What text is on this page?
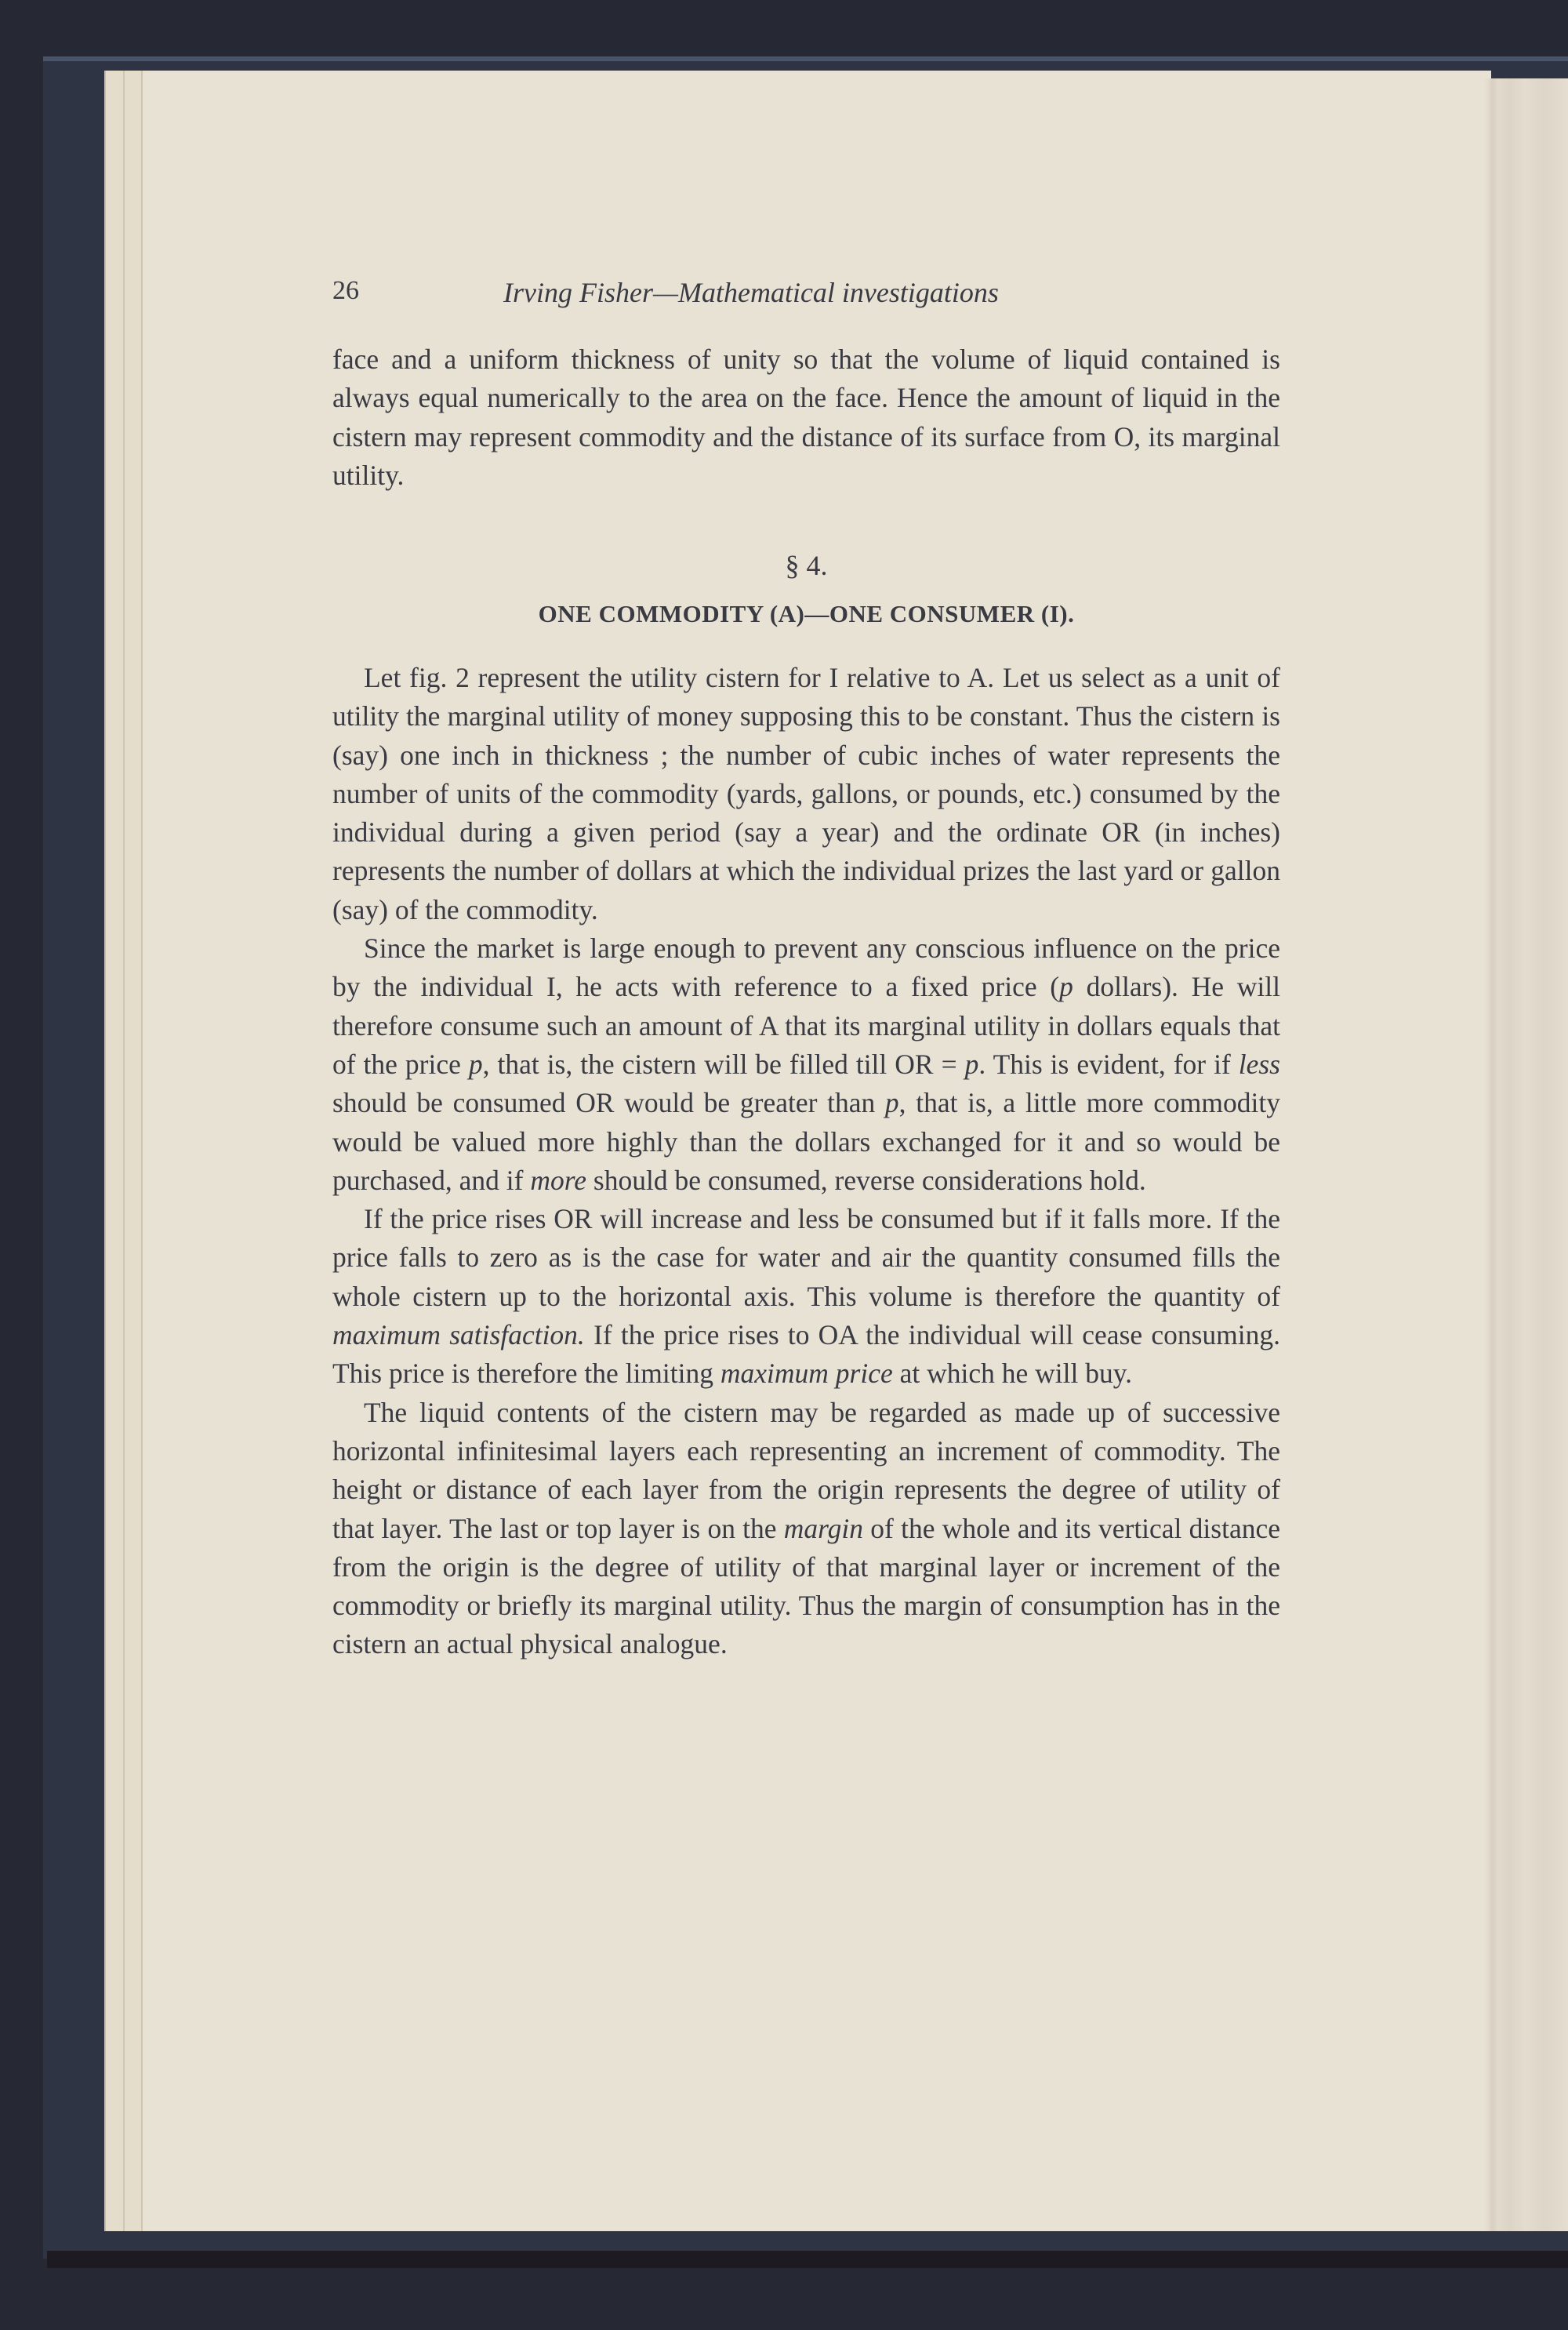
26	Irving Fisher—Mathematical investigations

face and a uniform thickness of unity so that the volume of liquid contained is always equal numerically to the area on the face. Hence the amount of liquid in the cistern may represent commodity and the distance of its surface from O, its marginal utility.

§ 4.
ONE COMMODITY (A)—ONE CONSUMER (I).

Let fig. 2 represent the utility cistern for I relative to A. Let us select as a unit of utility the marginal utility of money supposing this to be constant. Thus the cistern is (say) one inch in thickness ; the number of cubic inches of water represents the number of units of the commodity (yards, gallons, or pounds, etc.) consumed by the individual during a given period (say a year) and the ordinate OR (in inches) represents the number of dollars at which the individual prizes the last yard or gallon (say) of the commodity.

Since the market is large enough to prevent any conscious influence on the price by the individual I, he acts with reference to a fixed price (p dollars). He will therefore consume such an amount of A that its marginal utility in dollars equals that of the price p, that is, the cistern will be filled till OR = p. This is evident, for if less should be consumed OR would be greater than p, that is, a little more commodity would be valued more highly than the dollars exchanged for it and so would be purchased, and if more should be consumed, reverse considerations hold.

If the price rises OR will increase and less be consumed but if it falls more. If the price falls to zero as is the case for water and air the quantity consumed fills the whole cistern up to the horizontal axis. This volume is therefore the quantity of maximum satisfaction. If the price rises to OA the individual will cease consuming. This price is therefore the limiting maximum price at which he will buy.

The liquid contents of the cistern may be regarded as made up of successive horizontal infinitesimal layers each representing an increment of commodity. The height or distance of each layer from the origin represents the degree of utility of that layer. The last or top layer is on the margin of the whole and its vertical distance from the origin is the degree of utility of that marginal layer or increment of the commodity or briefly its marginal utility. Thus the margin of consumption has in the cistern an actual physical analogue.
